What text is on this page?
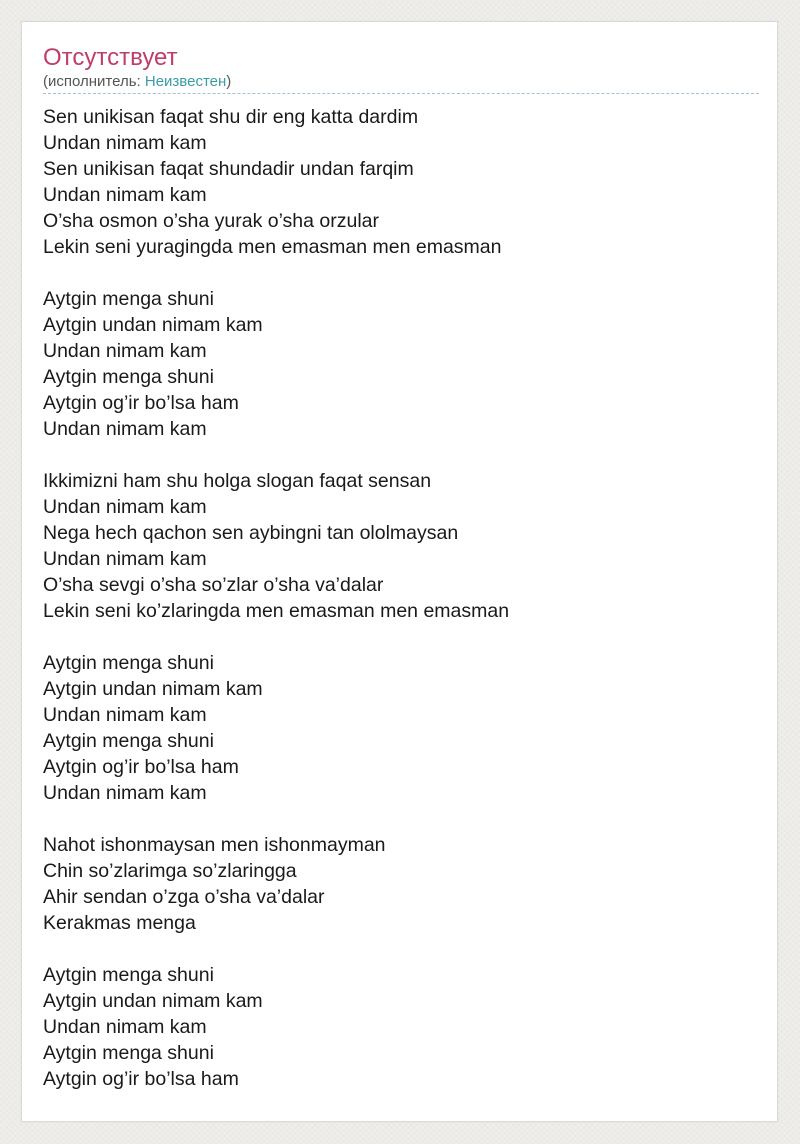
Отсутствует
(исполнитель: Неизвестен)
Sen unikisan faqat shu dir eng katta dardim
Undan nimam kam
Sen unikisan faqat shundadir undan farqim
Undan nimam kam
O’sha osmon o’sha yurak o’sha orzular
Lekin seni yuragingda men emasman men emasman
Aytgin menga shuni
Aytgin undan nimam kam
Undan nimam kam
Aytgin menga shuni
Aytgin og’ir bo’lsa ham
Undan nimam kam
Ikkimizni ham shu holga slogan faqat sensan
Undan nimam kam
Nega hech qachon sen aybingni tan ololmaysan
Undan nimam kam
O’sha sevgi o’sha so’zlar o’sha va’dalar
Lekin seni ko’zlaringda men emasman men emasman
Aytgin menga shuni
Aytgin undan nimam kam
Undan nimam kam
Aytgin menga shuni
Aytgin og’ir bo’lsa ham
Undan nimam kam
Nahot ishonmaysan men ishonmayman
Chin so’zlarimga so’zlaringga
Ahir sendan o’zga o’sha va’dalar
Kerakmas menga
Aytgin menga shuni
Aytgin undan nimam kam
Undan nimam kam
Aytgin menga shuni
Aytgin og’ir bo’lsa ham
